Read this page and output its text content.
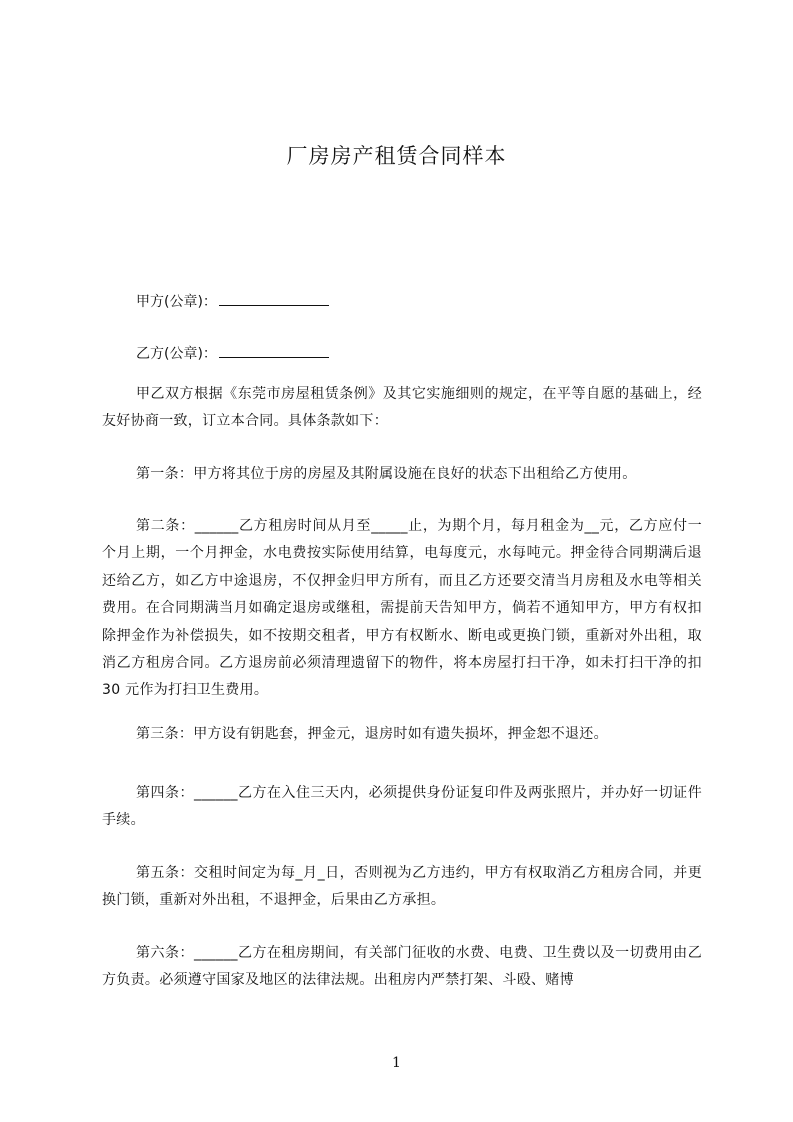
厂房房产租赁合同样本
甲方(公章)：
乙方(公章)：

甲乙双方根据《东莞市房屋租赁条例》及其它实施细则的规定，在平等自愿的基础上，经友好协商一致，订立本合同。具体条款如下：

第一条：甲方将其位于房的房屋及其附属设施在良好的状态下出租给乙方使用。

第二条：______乙方租房时间从月至_____止，为期个月，每月租金为__元，乙方应付一个月上期，一个月押金，水电费按实际使用结算，电每度元，水每吨元。押金待合同期满后退还给乙方，如乙方中途退房，不仅押金归甲方所有，而且乙方还要交清当月房租及水电等相关费用。在合同期满当月如确定退房或继租，需提前天告知甲方，倘若不通知甲方，甲方有权扣除押金作为补偿损失，如不按期交租者，甲方有权断水、断电或更换门锁，重新对外出租，取消乙方租房合同。乙方退房前必须清理遗留下的物件，将本房屋打扫干净，如未打扫干净的扣 30 元作为打扫卫生费用。

第三条：甲方设有钥匙套，押金元，退房时如有遗失损坏，押金恕不退还。

第四条：______乙方在入住三天内，必须提供身份证复印件及两张照片，并办好一切证件手续。

第五条：交租时间定为每_月_日，否则视为乙方违约，甲方有权取消乙方租房合同，并更换门锁，重新对外出租，不退押金，后果由乙方承担。

第六条：______乙方在租房期间，有关部门征收的水费、电费、卫生费以及一切费用由乙方负责。必须遵守国家及地区的法律法规。出租房内严禁打架、斗殴、赌博

1
